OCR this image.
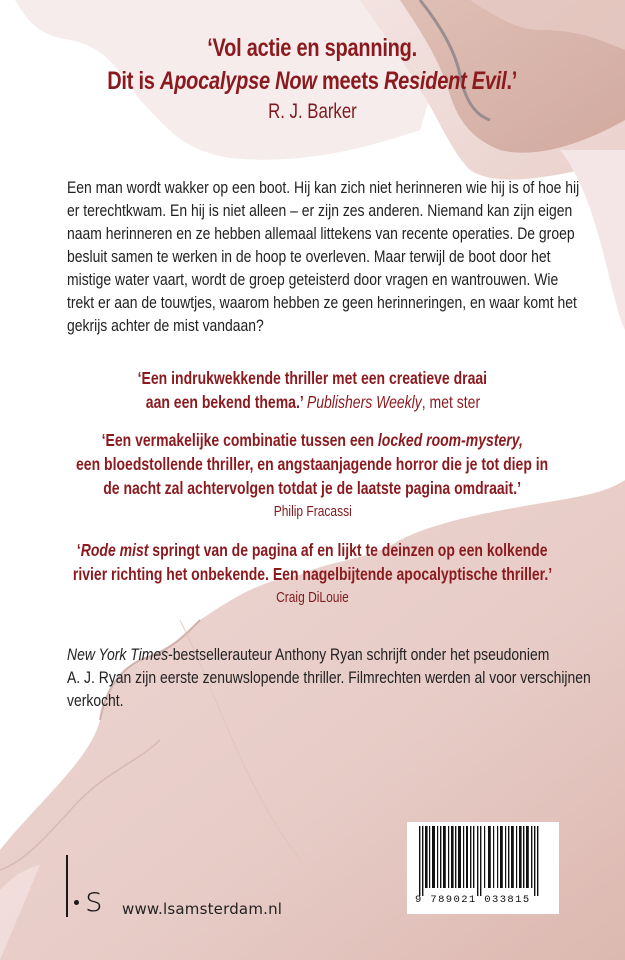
‘Vol actie en spanning.
Dit is Apocalypse Now meets Resident Evil.’
R. J. Barker
Een man wordt wakker op een boot. Hij kan zich niet herinneren wie hij is of hoe hij
er terechtkwam. En hij is niet alleen – er zijn zes anderen. Niemand kan zijn eigen
naam herinneren en ze hebben allemaal littekens van recente operaties. De groep
besluit samen te werken in de hoop te overleven. Maar terwijl de boot door het
mistige water vaart, wordt de groep geteisterd door vragen en wantrouwen. Wie
trekt er aan de touwtjes, waarom hebben ze geen herinneringen, en waar komt het
gekrijs achter de mist vandaan?
‘Een indrukwekkende thriller met een creatieve draai
aan een bekend thema.’ Publishers Weekly, met ster
‘Een vermakelijke combinatie tussen een locked room-mystery,
een bloedstollende thriller, en angstaanjagende horror die je tot diep in
de nacht zal achtervolgen totdat je de laatste pagina omdraait.’
Philip Fracassi
‘Rode mist springt van de pagina af en lijkt te deinzen op een kolkende
rivier richting het onbekende. Een nagelbijtende apocalyptische thriller.’
Craig DiLouie
New York Times-bestsellerauteur Anthony Ryan schrijft onder het pseudoniem
A. J. Ryan zijn eerste zenuwslopende thriller. Filmrechten werden al voor verschijnen
verkocht.
s www.lsamsterdam.nl	9 789021 033815
